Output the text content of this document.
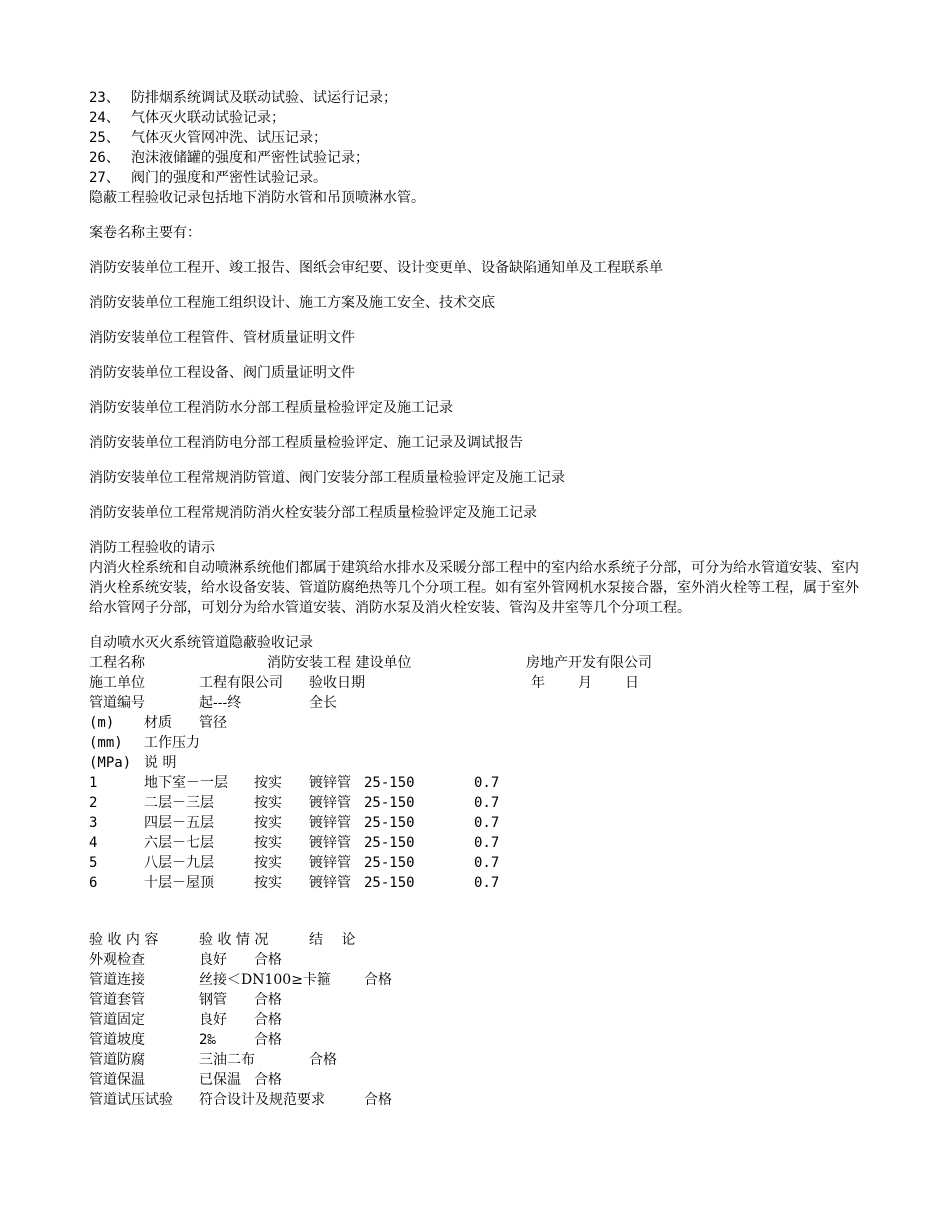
23、 防排烟系统调试及联动试验、试运行记录；
24、 气体灭火联动试验记录；
25、 气体灭火管网冲洗、试压记录；
26、 泡沫液储罐的强度和严密性试验记录；
27、 阀门的强度和严密性试验记录。
隐蔽工程验收记录包括地下消防水管和吊顶喷淋水管。
案卷名称主要有：
消防安装单位工程开、竣工报告、图纸会审纪要、设计变更单、设备缺陷通知单及工程联系单
消防安装单位工程施工组织设计、施工方案及施工安全、技术交底
消防安装单位工程管件、管材质量证明文件
消防安装单位工程设备、阀门质量证明文件
消防安装单位工程消防水分部工程质量检验评定及施工记录
消防安装单位工程消防电分部工程质量检验评定、施工记录及调试报告
消防安装单位工程常规消防管道、阀门安装分部工程质量检验评定及施工记录
消防安装单位工程常规消防消火栓安装分部工程质量检验评定及施工记录
消防工程验收的请示
内消火栓系统和自动喷淋系统他们都属于建筑给水排水及采暖分部工程中的室内给水系统子分部，可分为给水管道安装、室内消火栓系统安装，给水设备安装、管道防腐绝热等几个分项工程。如有室外管网机水泵接合器，室外消火栓等工程，属于室外给水管网子分部，可划分为给水管道安装、消防水泵及消火栓安装、管沟及井室等几个分项工程。
自动喷水灭火系统管道隐蔽验收记录
工程名称	消防安装工程 建设单位	房地产开发有限公司
施工单位	工程有限公司 验收日期	年 月 日
管道编号	起---终	全长
(m) 材质 管径
(mm) 工作压力
(MPa) 说 明
1	地下室－一层 按实 镀锌管 25-150	0.7
2	二层－三层	按实 镀锌管 25-150	0.7
3	四层－五层	按实 镀锌管 25-150	0.7
4	六层－七层	按实 镀锌管 25-150	0.7
5	八层－九层	按实 镀锌管 25-150	0.7
6	十层－屋顶	按实 镀锌管 25-150	0.7
验 收 内 容	验 收 情 况	结　 论
外观检查	良好 合格
管道连接	丝接＜DN100≥卡箍 合格
管道套管	钢管 合格
管道固定	良好 合格
管道坡度	2‰	合格
管道防腐	三油二布	合格
管道保温	已保温 合格
管道试压试验 符合设计及规范要求	合格
